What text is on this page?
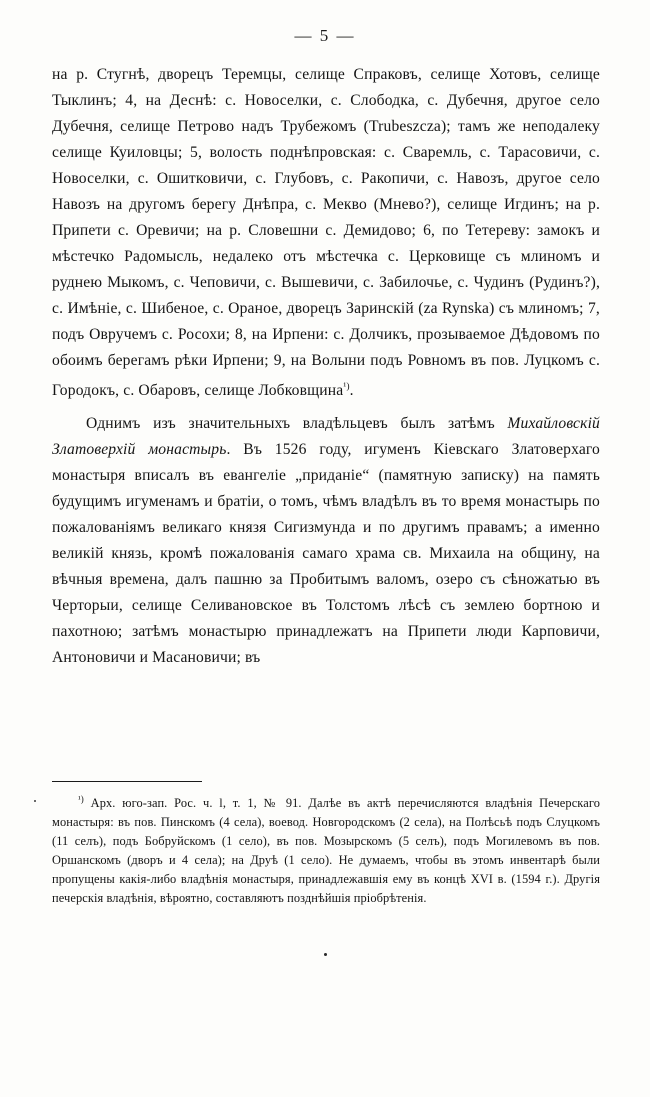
— 5 —

на р. Стугнѣ, дворецъ Теремцы, селище Спраковъ, селище Хотовъ, селище Тыклинъ; 4, на Деснѣ: с. Новоселки, с. Слободка, с. Дубечня, другое село Дубечня, селище Петрово надъ Трубежомъ (Trubeszcza); тамъ же неподалеку селище Куиловцы; 5, волость поднѣпровская: с. Сваремль, с. Тарасовичи, с. Новоселки, с. Ошитковичи, с. Глубовъ, с. Ракопичи, с. Навозъ, другое село Навозъ на другомъ берегу Днѣпра, с. Мекво (Мнево?), селище Игдинъ; на р. Припети с. Оревичи; на р. Словешни с. Демидово; 6, по Тетереву: замокъ и мѣстечко Радомысль, недалеко отъ мѣстечка с. Церковище съ млиномъ и руднею Мыкомъ, с. Чеповичи, с. Вышевичи, с. Забилочье, с. Чудинъ (Рудинъ?), с. Имѣнiе, с. Шибеное, с. Ораное, дворецъ Заринскiй (za Rynska) съ млиномъ; 7, подъ Овручемъ с. Росохи; 8, на Ирпени: с. Долчикъ, прозываемое Дѣдовомъ по обоимъ берегамъ рѣки Ирпени; 9, на Волыни подъ Ровномъ въ пов. Луцкомъ с. Городокъ, с. Обаровъ, селище Лобковщина$^{^1)}$.

Однимъ изъ значительныхъ владѣльцевъ былъ затѣмъ Михайловскiй Златоверхiй монастырь. Въ 1526 году, игуменъ Кiевскаго Златоверхаго монастыря вписалъ въ евангелiе „приданiе“ (памятную записку) на память будущимъ игуменамъ и братiи, о томъ, чѣмъ владѣлъ въ то время монастырь по пожалованiямъ великаго князя Сигизмунда и по другимъ правамъ; а именно великiй князь, кромѣ пожалованiя самаго храма св. Михаила на общину, на вѣчныя времена, далъ пашню за Пробитымъ валомъ, озеро съ сѣножатью въ Черторыи, селище Селивановское въ Толстомъ лѣсѣ съ землею бортною и пахотною; затѣмъ монастырю принадлежатъ на Припети люди Карповичи, Антоновичи и Масановичи; въ

$^{^1)}$ Арх. юго-зап. Рос. ч. l, т. 1, № 91. Далѣе въ актѣ перечисляются владѣнiя Печерскаго монастыря: въ пов. Пинскомъ (4 села), воевод. Новгородскомъ (2 села), на Полѣсьѣ подъ Слуцкомъ (11 селъ), подъ Бобруйскомъ (1 село), въ пов. Мозырскомъ (5 селъ), подъ Могилевомъ въ пов. Оршанскомъ (дворъ и 4 села); на Друѣ (1 село). Не думаемъ, чтобы въ этомъ инвентарѣ были пропущены какiя-либо владѣнiя монастыря, принадлежавшiя ему въ концѣ XVI в. (1594 г.). Другiя печерскiя владѣнiя, вѣроятно, составляютъ позднѣйшiя прiобрѣтенiя.
